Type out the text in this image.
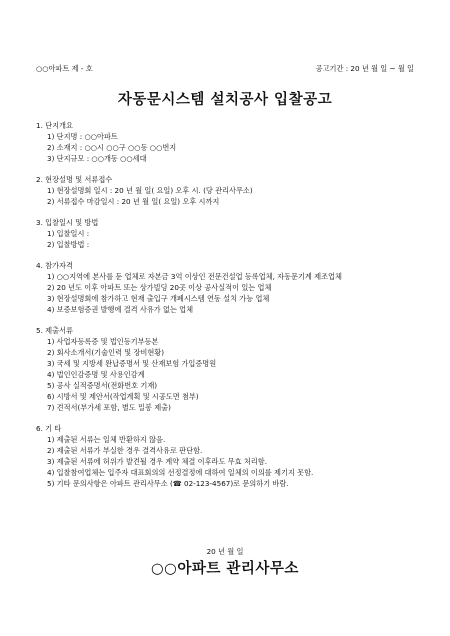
○○아파트 제 - 호	공고기간 : 20 년 월 일 ~ 월 일
자동문시스템 설치공사 입찰공고
1. 단지개요
1) 단지명 : ○○아파트
2) 소재지 : ○○시 ○○구 ○○동 ○○번지
3) 단지규모 : ○○개동 ○○세대
2. 현장설명 및 서류접수
1) 현장설명회 일시 : 20 년 월 일( 요일) 오후 시. (당 관리사무소)
2) 서류접수 마감일시 : 20 년 월 일( 요일) 오후 시까지
3. 입찰일시 및 방법
1) 입찰일시 :
2) 입찰방법 :
4. 참가자격
1) ○○지역에 본사를 둔 업체로 자본금 3억 이상인 전문건설업 등록업체, 자동문기계 제조업체
2) 20 년도 이후 아파트 또는 상가빌딩 20곳 이상 공사실적이 있는 업체
3) 현장설명회에 참가하고 현재 출입구 개폐시스템 연동 설치 가능 업체
4) 보증보험증권 발행에 결격 사유가 없는 업체
5. 제출서류
1) 사업자등록증 및 법인등기부등본
2) 회사소개서(기술인력 및 장비현황)
3) 국세 및 지방세 완납증명서 및 산재보험 가입증명원
4) 법인인감증명 및 사용인감계
5) 공사 실적증명서(전화번호 기재)
6) 시방서 및 제안서(작업계획 및 시공도면 첨부)
7) 견적서(부가세 포함, 별도 밀봉 제출)
6. 기 타
1) 제출된 서류는 일체 반환하지 않음.
2) 제출된 서류가 부실한 경우 결격사유로 판단함.
3) 제출된 서류에 허위가 발견될 경우 계약 체결 이후라도 무효 처리함.
4) 입찰참여업체는 입주자 대표회의의 선정결정에 대하여 일체의 이의를 제기지 못함.
5) 기타 문의사항은 아파트 관리사무소 (☎ 02-123-4567)로 문의하기 바람.
20 년 월 일
○○아파트 관리사무소
